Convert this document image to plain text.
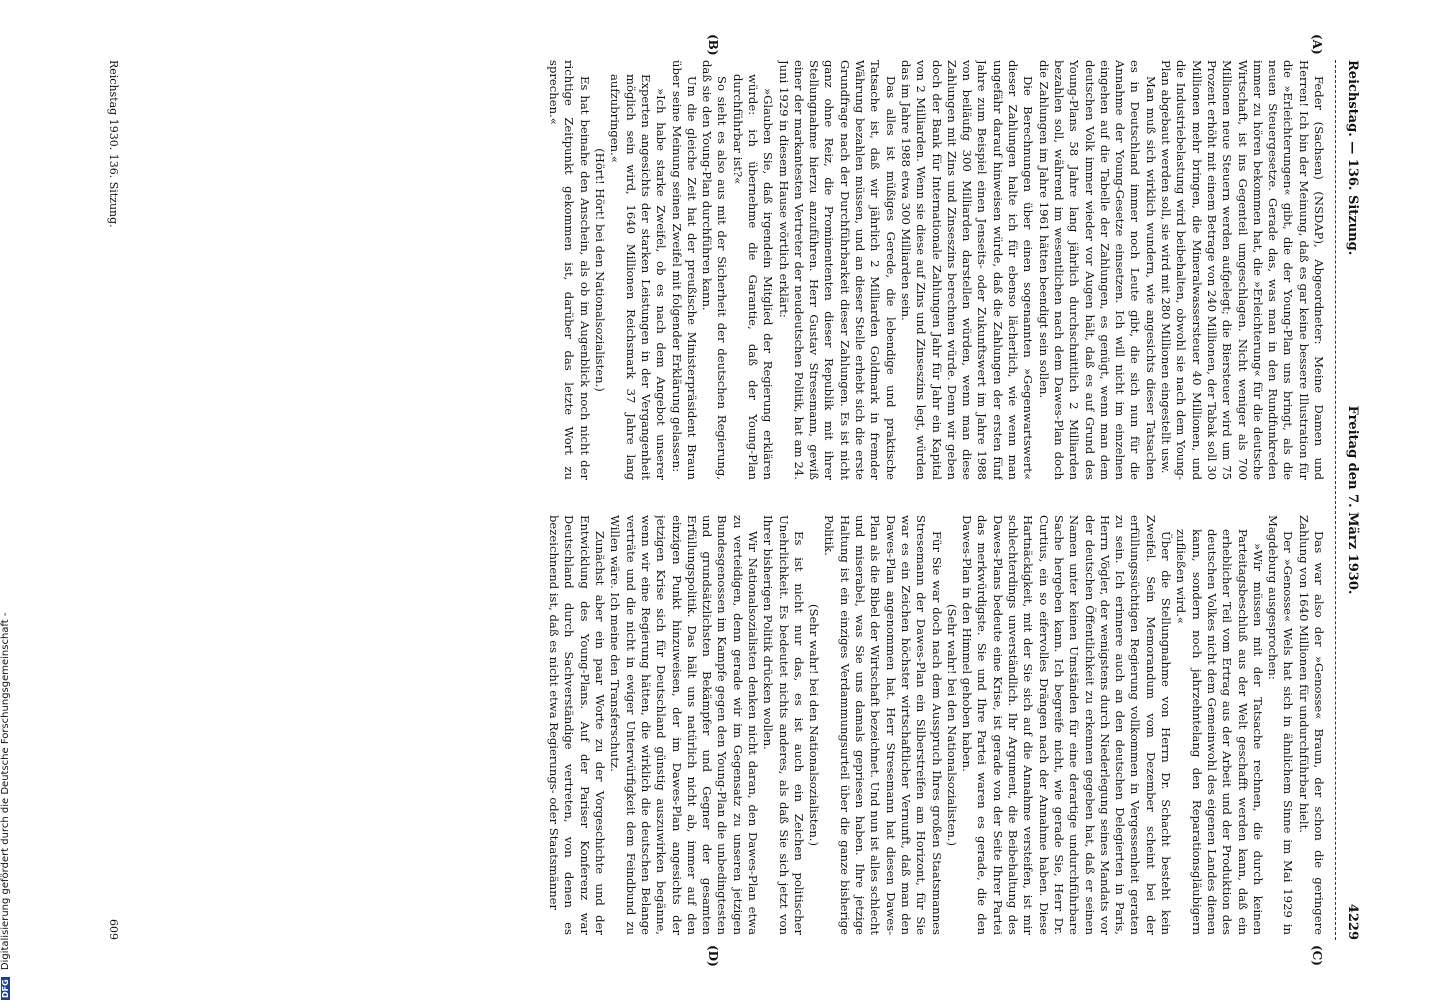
Reichstag. — 136. Sitzung.
Freitag den 7. März 1930.
4229
(A)
(B)
(C)
(D)

Feder (Sachsen) (NSDAP), Abgeordneter: Meine Damen und Herren! Ich bin der Meinung, daß es gar keine bessere Illustration für die »Erleichterungen« gibt, die der Young-Plan uns bringt, als die neuen Steuergesetze. Gerade das, was man in den Rundfunkreden immer zu hören bekommen hat, die »Erleichterung« für die deutsche Wirtschaft, ist ins Gegenteil umgeschlagen. Nicht weniger als 700 Millionen neue Steuern werden aufgelegt; die Biersteuer wird um 75 Prozent erhöht mit einem Betrage von 240 Millionen, der Tabak soll 30 Millionen mehr bringen, die Mineralwassersteuer 40 Millionen, und die Industriebelastung wird beibehalten, obwohl sie nach dem Young-Plan abgebaut werden soll, sie wird mit 280 Millionen eingestellt usw.

Man muß sich wirklich wundern, wie angesichts dieser Tatsachen es in Deutschland immer noch Leute gibt, die sich nun für die Annahme der Young-Gesetze einsetzen. Ich will nicht im einzelnen eingehen auf die Tabelle der Zahlungen, es genügt, wenn man dem deutschen Volk immer wieder vor Augen hält, daß es auf Grund des Young-Plans 58 Jahre lang jährlich durchschnittlich 2 Milliarden bezahlen soll, während im wesentlichen nach dem Dawes-Plan doch die Zahlungen im Jahre 1961 hätten beendigt sein sollen.

Die Berechnungen über einen sogenannten »Gegenwartswert« dieser Zahlungen halte ich für ebenso lächerlich, wie wenn man ungefähr darauf hinweisen würde, daß die Zahlungen der ersten fünf Jahre zum Beispiel einen Jenseits- oder Zukunftswert im Jahre 1988 von beiläufig 300 Milliarden darstellen würden, wenn man diese Zahlungen mit Zins und Zinseszins berechnen würde. Denn wir geben doch der Bank für Internationale Zahlungen Jahr für Jahr ein Kapital von 2 Milliarden. Wenn sie diese auf Zins und Zinseszins legt, würden das im Jahre 1988 etwa 300 Milliarden sein.

Das alles ist müßiges Gerede, die lebendige und praktische Tatsache ist, daß wir jährlich 2 Milliarden Goldmark in fremder Währung bezahlen müssen, und an dieser Stelle erhebt sich die erste Grundfrage nach der Durchführbarkeit dieser Zahlungen. Es ist nicht ganz ohne Reiz, die Prominententen dieser Republik mit ihrer Stellungnahme hierzu anzuführen. Herr Gustav Stresemann, gewiß einer der markantesten Vertreter der neudeutschen Politik, hat am 24. Juni 1929 in diesem Hause wörtlich erklärt:

»Glauben Sie, daß irgendein Mitglied der Regierung erklären würde: ich übernehme die Garantie, daß der Young-Plan durchführbar ist?«

So sieht es also aus mit der Sicherheit der deutschen Regierung, daß sie den Young-Plan durchführen kann.

Um die gleiche Zeit hat der preußische Ministerpräsident Braun über seine Meinung seinen Zweifel mit folgender Erklärung gelassen:

»Ich habe starke Zweifel, ob es nach dem Angebot unserer Experten angesichts der starken Leistungen in der Vergangenheit möglich sein wird, 1640 Millionen Reichsmark 37 Jahre lang aufzubringen.«

(Hört! Hört! bei den Nationalsozialisten.)

Es hat beinahe den Anschein, als ob im Augenblick noch nicht der richtige Zeitpunkt gekommen ist, darüber das letzte Wort zu sprechen.«

Das war also der »Genosse« Braun, der schon die geringere Zahlung von 1640 Millionen für undurchführbar hielt.

Der »Genosse« Wels hat sich in ähnlichem Sinne im Mai 1929 in Magdeburg ausgesprochen:

»Wir müssen mit der Tatsache rechnen, die durch keinen Parteitagsbeschluß aus der Welt geschafft werden kann, daß ein erheblicher Teil vom Ertrag aus der Arbeit und der Produktion des deutschen Volkes nicht dem Gemeinwohl des eigenen Landes dienen kann, sondern noch jahrzehntelang den Reparationsgläubigern zufließen wird.«

Über die Stellungnahme von Herrn Dr. Schacht besteht kein Zweifel. Sein Memorandum vom Dezember scheint bei der erfüllungssüchtigen Regierung vollkommen in Vergessenheit geraten zu sein. Ich erinnere auch an den deutschen Delegierten in Paris, Herrn Vögler, der wenigstens durch Niederlegung seines Mandats vor der deutschen Öffentlichkeit zu erkennen gegeben hat, daß er seinen Namen unter keinen Umständen für eine derartige undurchführbare Sache hergeben kann. Ich begreife nicht, wie gerade Sie, Herr Dr. Curtius, ein so eifervolles Drängen nach der Annahme haben. Diese Hartnäckigkeit, mit der Sie sich auf die Annahme versteifen, ist mir schlechterdings unverständlich. Ihr Argument, die Beibehaltung des Dawes-Plans bedeute eine Krise, ist gerade von der Seite Ihrer Partei das merkwürdigste. Sie und Ihre Partei waren es gerade, die den Dawes-Plan in den Himmel gehoben haben.

(Sehr wahr! bei den Nationalsozialisten.)

Für Sie war doch nach dem Ausspruch Ihres großen Staatsmannes Stresemann der Dawes-Plan ein Silberstreifen am Horizont, für Sie war es ein Zeichen höchster wirtschaftlicher Vernunft, daß man den Dawes-Plan angenommen hat. Herr Stresemann hat diesen Dawes-Plan als die Bibel der Wirtschaft bezeichnet. Und nun ist alles schlecht und miserabel, was Sie uns damals gepriesen haben. Ihre jetzige Haltung ist ein einziges Verdammungsurteil über die ganze bisherige Politik.

(Sehr wahr! bei den Nationalsozialisten.)

Es ist nicht nur das, es ist auch ein Zeichen politischer Unehrlichkeit. Es bedeutet nichts anderes, als daß Sie sich jetzt von Ihrer bisherigen Politik drücken wollen.

Wir Nationalsozialisten denken nicht daran, den Dawes-Plan etwa zu verteidigen, denn gerade wir im Gegensatz zu unseren jetzigen Bundesgenossen im Kampfe gegen den Young-Plan die unbedingtesten und grundsätzlichsten Bekämpfer und Gegner der gesamten Erfüllungspolitik. Das hält uns natürlich nicht ab, immer auf den einzigen Punkt hinzuweisen, der im Dawes-Plan angesichts der jetzigen Krise sich für Deutschland günstig auszuwirken begänne, wenn wir eine Regierung hätten, die wirklich die deutschen Belange verträte und die nicht in ewiger Unterwürfigkeit dem Feindbund zu Willen wäre. Ich meine den Transferschutz.

Zunächst aber ein paar Worte zu der Vorgeschichte und der Entwicklung des Young-Plans. Auf der Pariser Konferenz war Deutschland durch Sachverständige vertreten, von denen es bezeichnend ist, daß es nicht etwa Regierungs- oder Staatsmänner

Reichstag 1930. 136. Sitzung.
609
DFG Digitalisierung gefördert durch die Deutsche Forschungsgemeinschaft -
